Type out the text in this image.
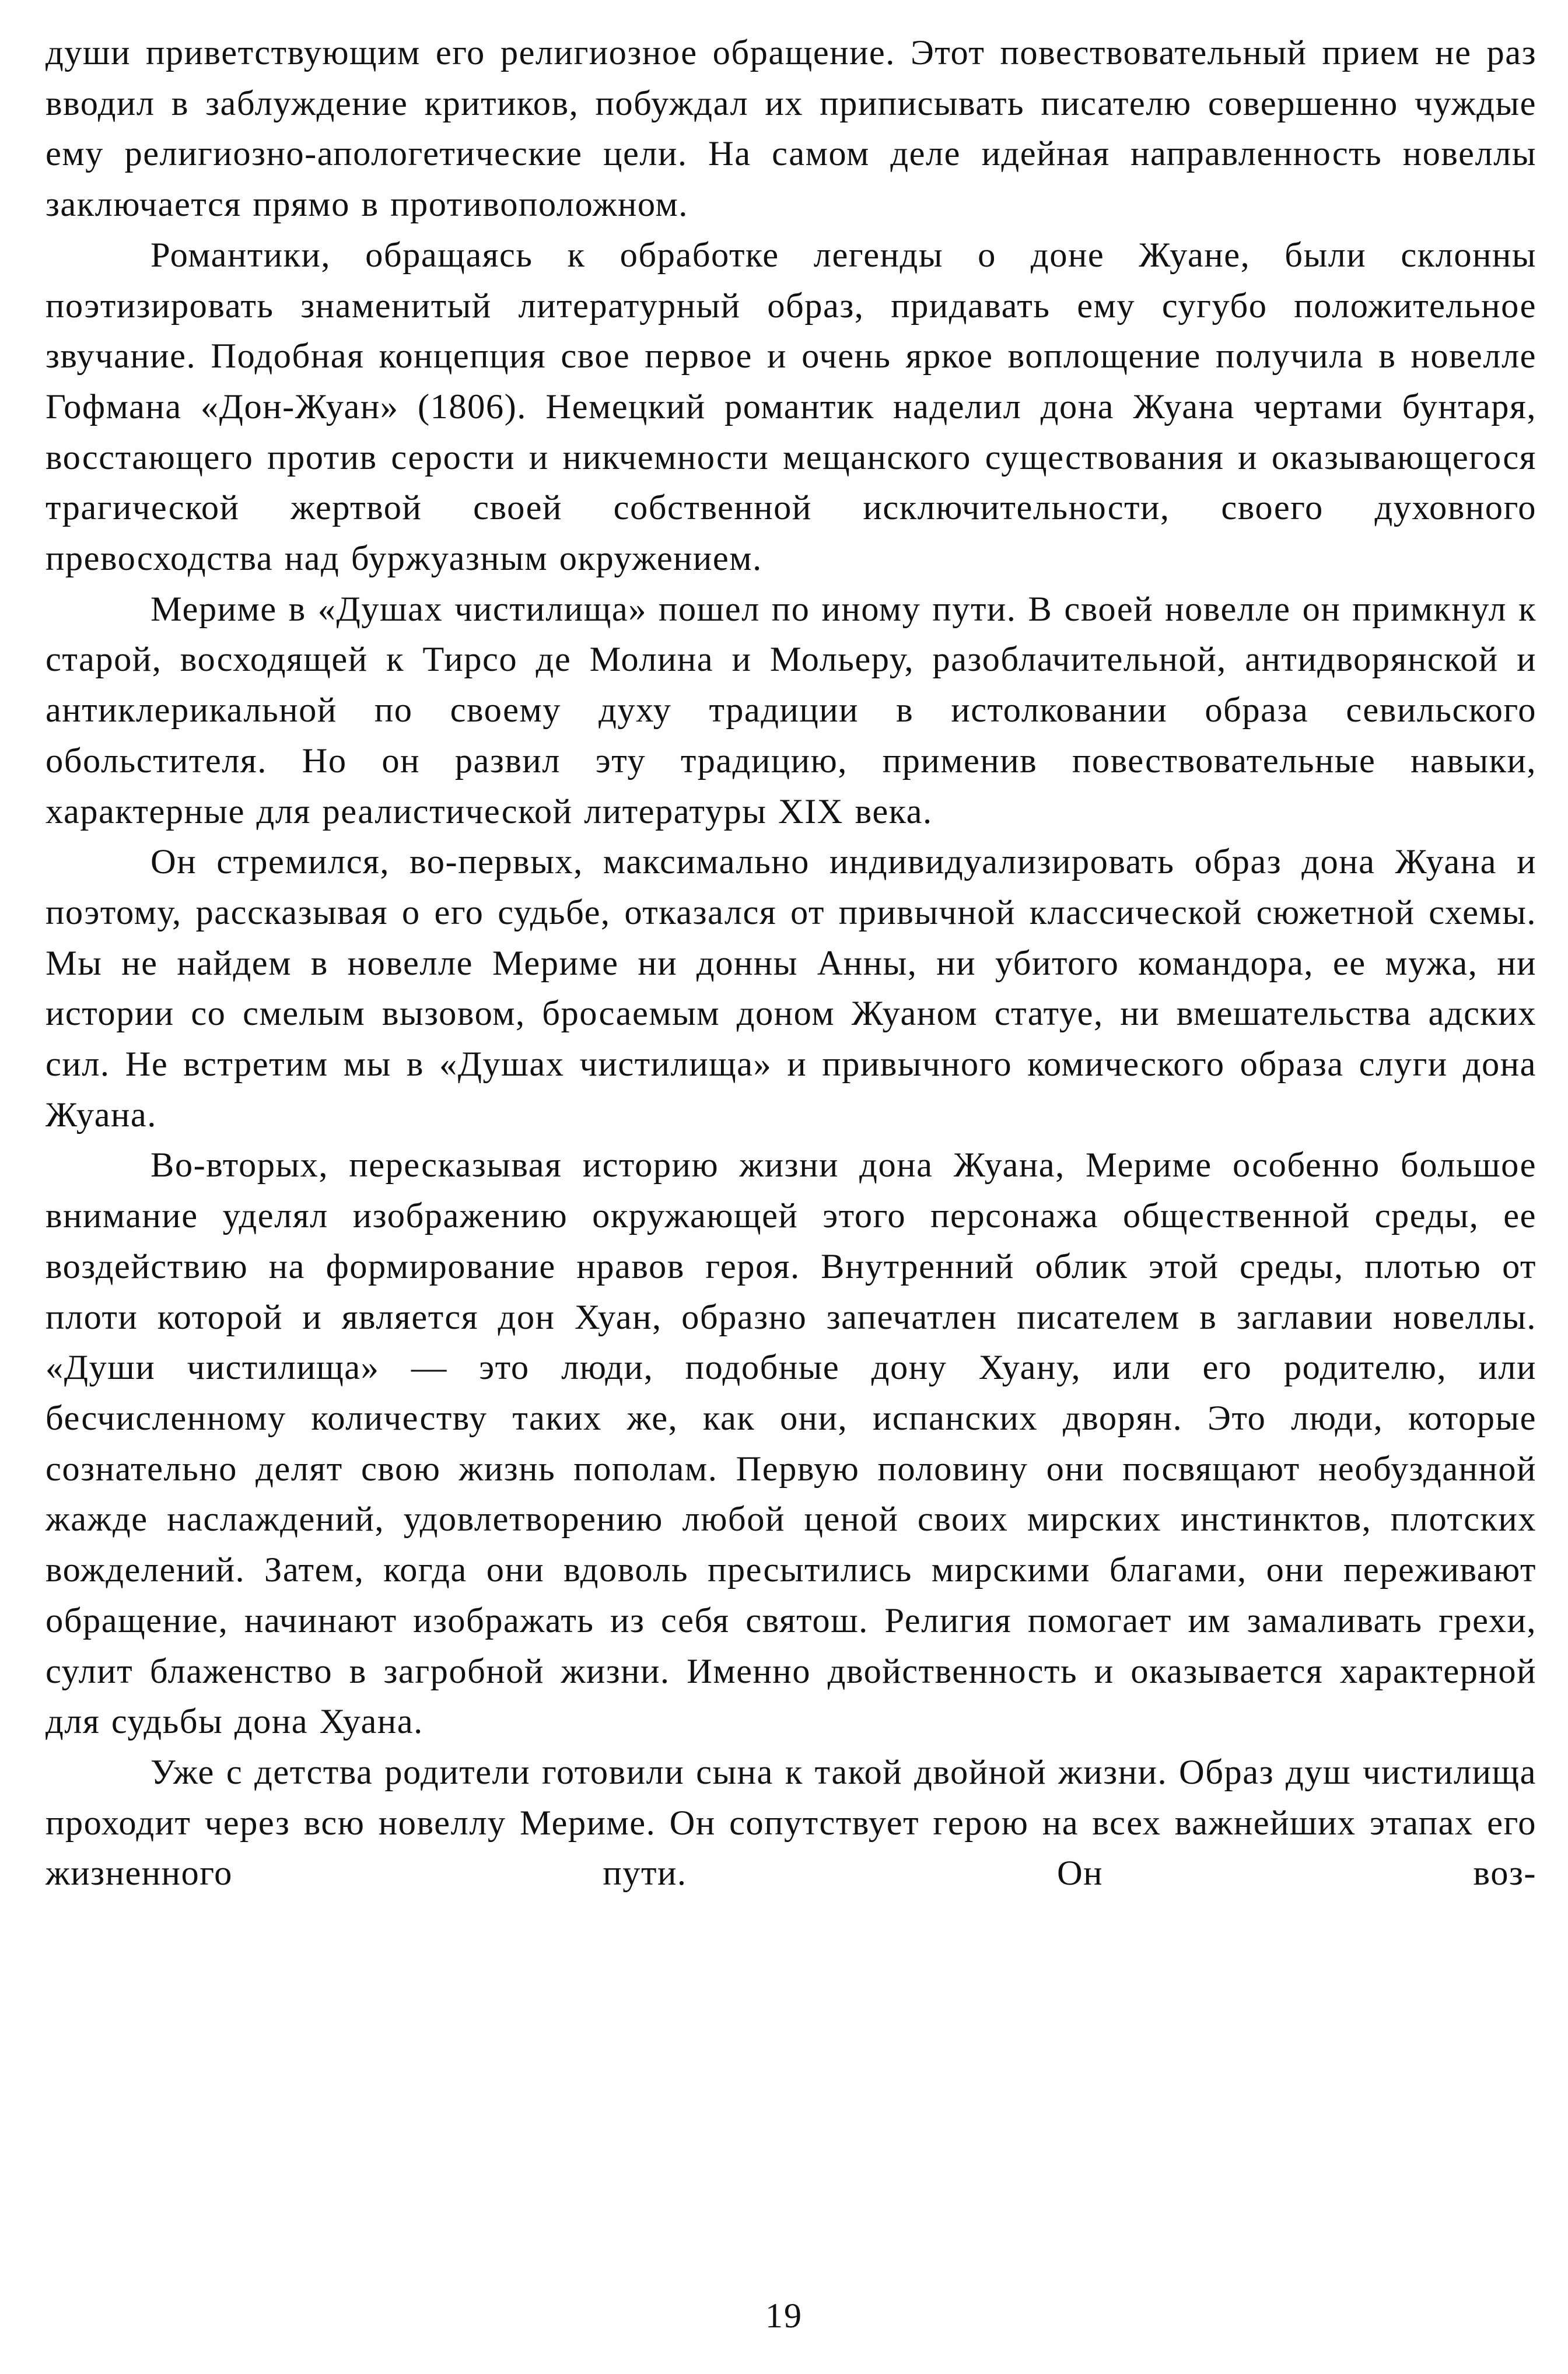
души приветствующим его религиозное обращение. Этот повествовательный прием не раз вводил в заблуждение критиков, побуждал их приписывать писателю совершенно чуждые ему религиозно-апологетические цели. На самом деле идейная направленность новеллы заключается прямо в противоположном.

Романтики, обращаясь к обработке легенды о доне Жуане, были склонны поэтизировать знаменитый литературный образ, придавать ему сугубо положительное звучание. Подобная концепция свое первое и очень яркое воплощение получила в новелле Гофмана «Дон-Жуан» (1806). Немецкий романтик наделил дона Жуана чертами бунтаря, восстающего против серости и никчемности мещанского существования и оказывающегося трагической жертвой своей собственной исключительности, своего духовного превосходства над буржуазным окружением.

Мериме в «Душах чистилища» пошел по иному пути. В своей новелле он примкнул к старой, восходящей к Тирсо де Молина и Мольеру, разоблачительной, антидворянской и антиклерикальной по своему духу традиции в истолковании образа севильского обольстителя. Но он развил эту традицию, применив повествовательные навыки, характерные для реалистической литературы XIX века.

Он стремился, во-первых, максимально индивидуализировать образ дона Жуана и поэтому, рассказывая о его судьбе, отказался от привычной классической сюжетной схемы. Мы не найдем в новелле Мериме ни донны Анны, ни убитого командора, ее мужа, ни истории со смелым вызовом, бросаемым доном Жуаном статуе, ни вмешательства адских сил. Не встретим мы в «Душах чистилища» и привычного комического образа слуги дона Жуана.

Во-вторых, пересказывая историю жизни дона Жуана, Мериме особенно большое внимание уделял изображению окружающей этого персонажа общественной среды, ее воздействию на формирование нравов героя. Внутренний облик этой среды, плотью от плоти которой и является дон Хуан, образно запечатлен писателем в заглавии новеллы. «Души чистилища» — это люди, подобные дону Хуану, или его родителю, или бесчисленному количеству таких же, как они, испанских дворян. Это люди, которые сознательно делят свою жизнь пополам. Первую половину они посвящают необузданной жажде наслаждений, удовлетворению любой ценой своих мирских инстинктов, плотских вожделений. Затем, когда они вдоволь пресытились мирскими благами, они переживают обращение, начинают изображать из себя святош. Религия помогает им замаливать грехи, сулит блаженство в загробной жизни. Именно двойственность и оказывается характерной для судьбы дона Хуана.

Уже с детства родители готовили сына к такой двойной жизни. Образ душ чистилища проходит через всю новеллу Мериме. Он сопутствует герою на всех важнейших этапах его жизненного пути. Он воз-

19
